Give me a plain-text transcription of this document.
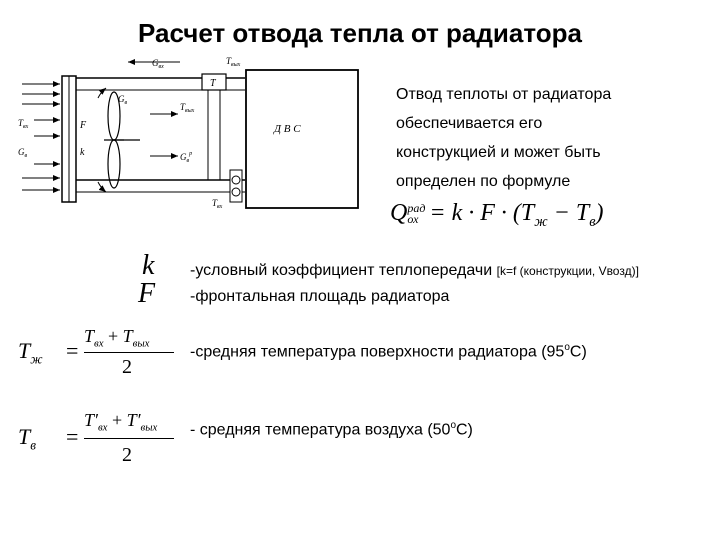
Расчет отвода тепла от радиатора
$G_{вх}$
$T_{вых}$
T
Д В С
$T_{вх}$	F
$G_в$	k
$G_в$	$T_{вых}$
$G_в^p$
$T_{вх}$
Отвод теплоты от радиатора
обеспечивается его
конструкцией и может быть
определен по формуле
Q рад
ох = $k \cdot F \cdot (T_ж - T_в)$
k
F
-условный коэффициент теплопередачи [k=f (конструкции, Vвозд)]
-фронтальная площадь радиатора
$T_ж$ =
$T_{вх} + T_{вых}$
2
-средняя температура поверхности радиатора $(95^оС)$
$T_в$ =
$T'_{вх} + T'_{вых}$
2
- средняя температура воздуха $(50^оС)$
